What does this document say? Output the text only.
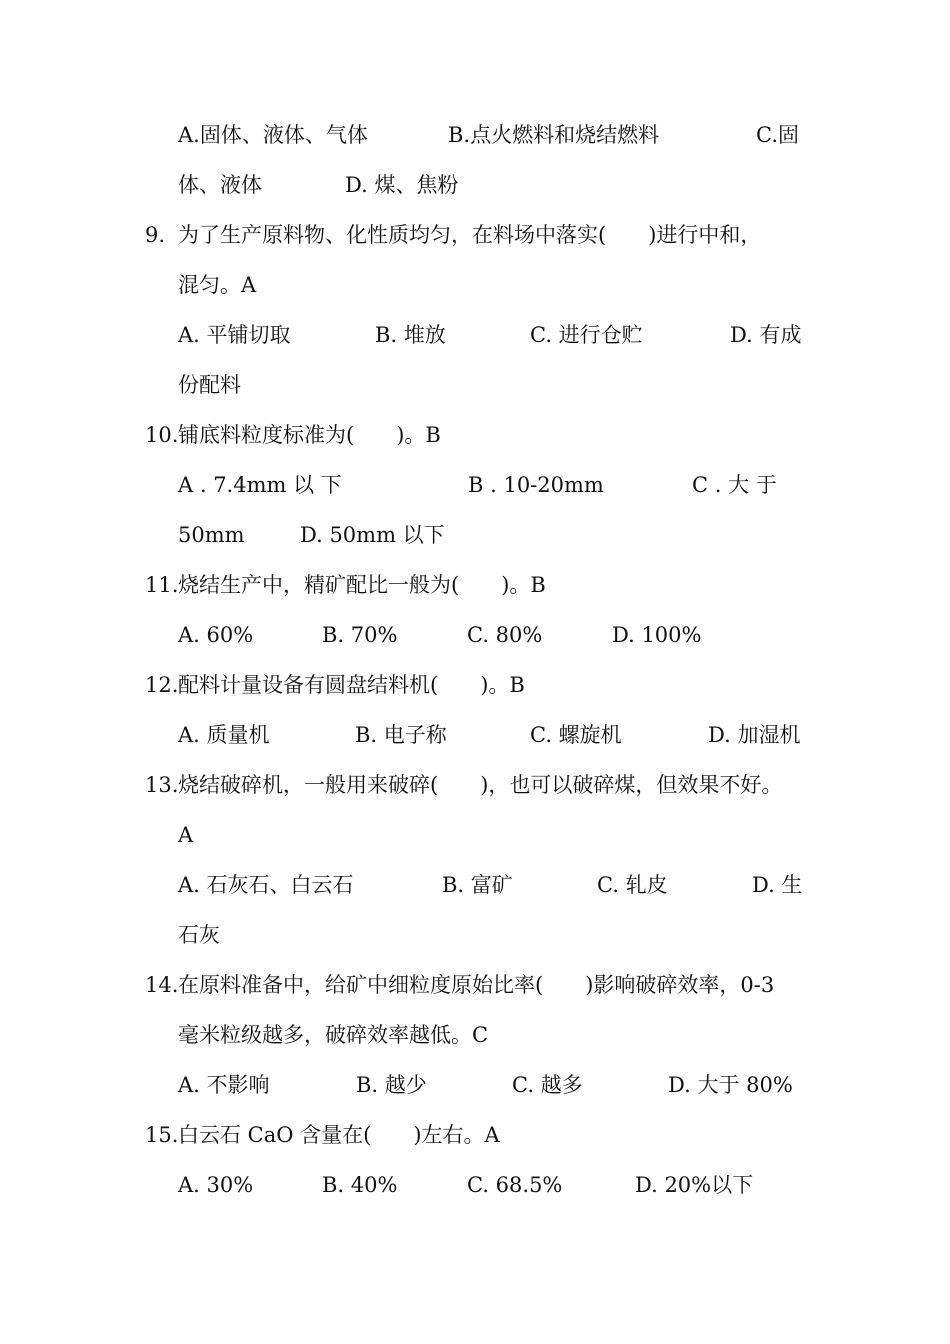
A.固体、液体、气体	B.点火燃料和烧结燃料	C.固
体、液体	D. 煤、焦粉
9. 为了生产原料物、化性质均匀，在料场中落实(　　)进行中和，
混匀。A
A. 平铺切取	B. 堆放	C. 进行仓贮	D. 有成
份配料
10. 铺底料粒度标准为(　　)。B
A . 7.4mm 以 下	B . 10-20mm	C . 大 于
50mm	D. 50mm 以下
11. 烧结生产中，精矿配比一般为(　　)。B
A. 60%	B. 70%	C. 80%	D. 100%
12. 配料计量设备有圆盘结料机(　　)。B
A. 质量机	B. 电子称	C. 螺旋机	D. 加湿机
13. 烧结破碎机，一般用来破碎(　　)，也可以破碎煤，但效果不好。
A
A. 石灰石、白云石	B. 富矿	C. 轧皮	D. 生
石灰
14. 在原料准备中，给矿中细粒度原始比率(　　)影响破碎效率，0-3
毫米粒级越多，破碎效率越低。C
A. 不影响	B. 越少	C. 越多	D. 大于 80%
15. 白云石 CaO 含量在(　　)左右。A
A. 30%	B. 40%	C. 68.5%	D. 20%以下
